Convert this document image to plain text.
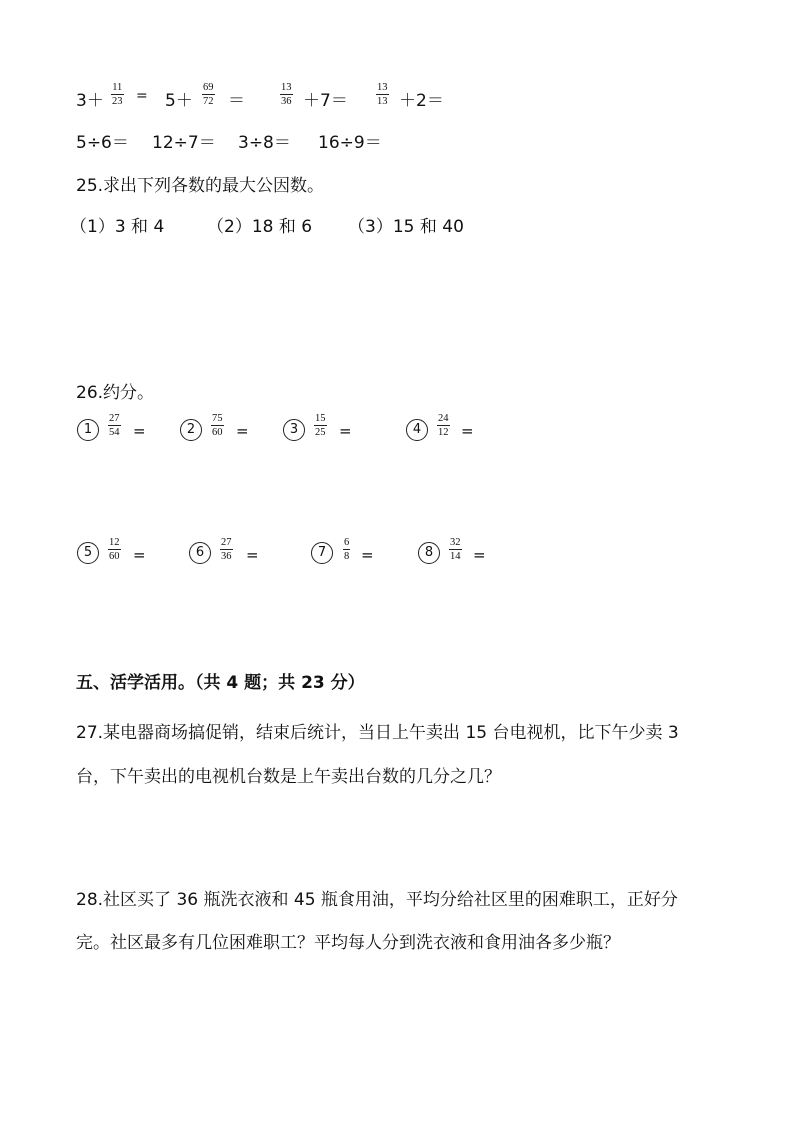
3＋
11
23 = 5＋
69
72 ＝
13
36 ＋7＝
13
13 ＋2＝
5÷6＝ 12÷7＝ 3÷8＝ 16÷9＝
25.求出下列各数的最大公因数。
（1）3 和 4	（2）18 和 6 （3）15 和 40
26.约分。
1
27
54 =	2
75
60 =	3
15
25 =	4
24
12 =
5
12
60 =	6
27
36 =	7
6
8 =	8
32
14 =
五、活学活用。（共 4 题；共 23 分）
27.某电器商场搞促销，结束后统计，当日上午卖出 15 台电视机，比下午少卖 3
台，下午卖出的电视机台数是上午卖出台数的几分之几？
28.社区买了 36 瓶洗衣液和 45 瓶食用油，平均分给社区里的困难职工，正好分
完。社区最多有几位困难职工？平均每人分到洗衣液和食用油各多少瓶？
